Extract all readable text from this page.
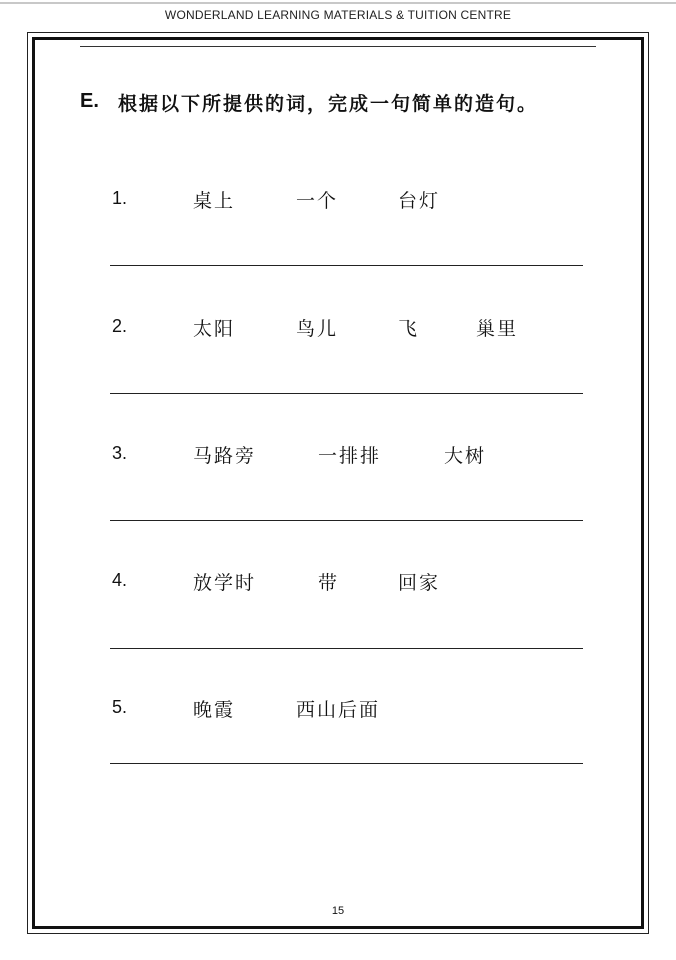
WONDERLAND LEARNING MATERIALS & TUITION CENTRE
E. 根据以下所提供的词，完成一句简单的造句。
1.	桌上	一个	台灯
2.	太阳	鸟儿	飞	巢里
3.	马路旁	一排排	大树
4.	放学时	带	回家
5.	晚霞	西山后面
15
